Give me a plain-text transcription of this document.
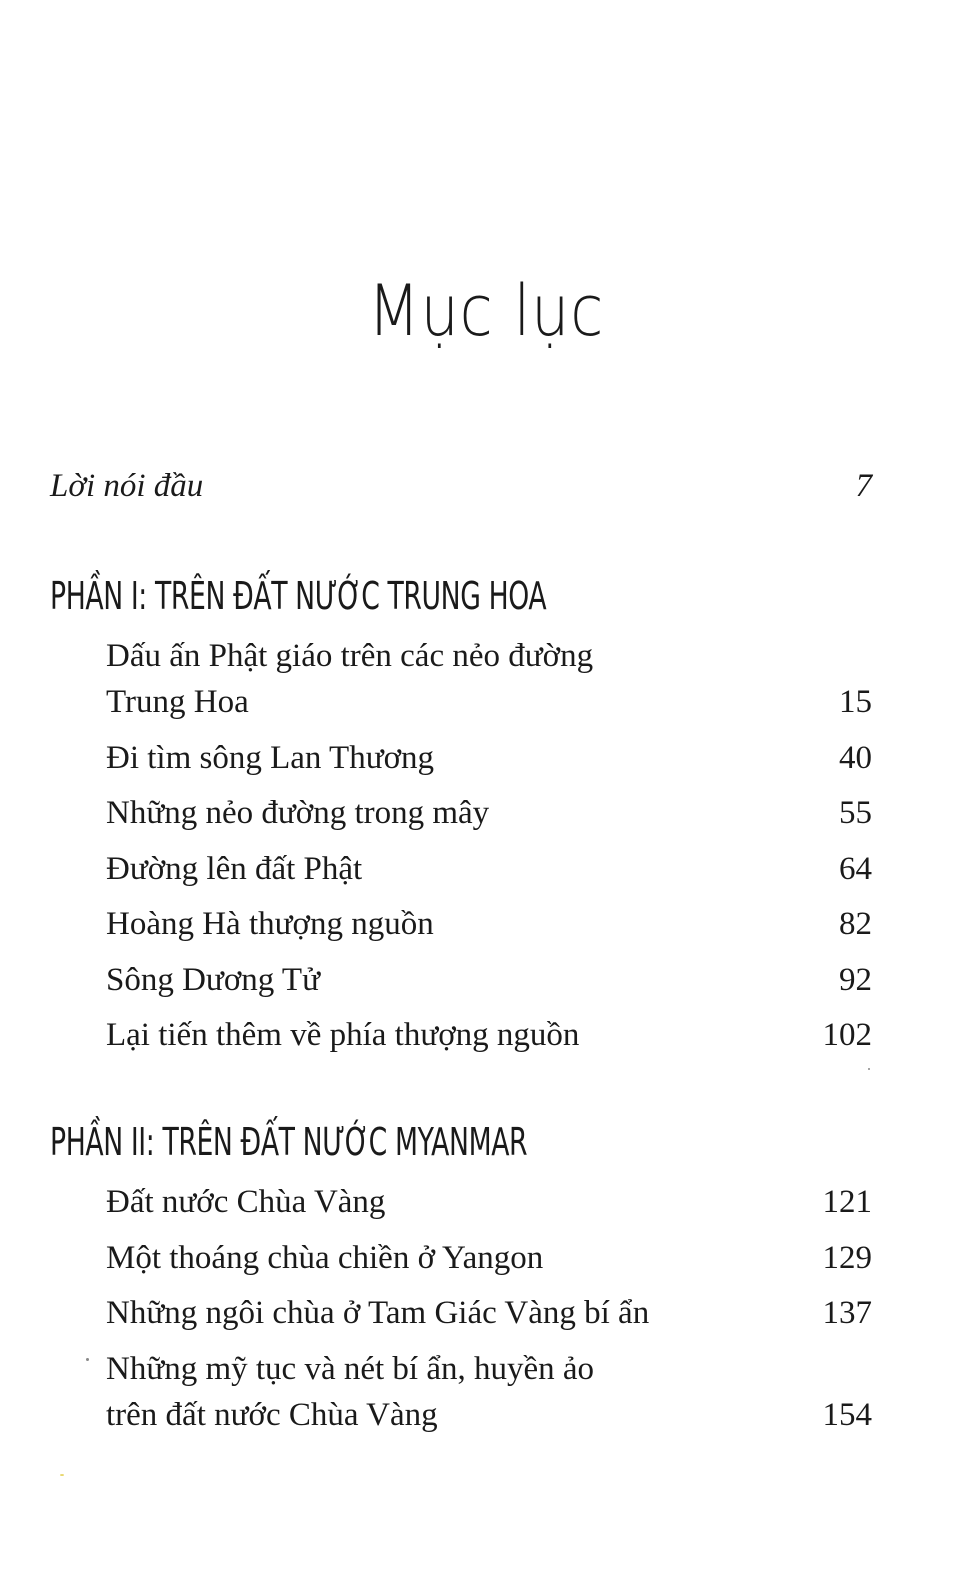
Mục lục
Lời nói đầu	7
PHẦN I: TRÊN ĐẤT NƯỚC TRUNG HOA
Dấu ấn Phật giáo trên các nẻo đường
Trung Hoa	15
Đi tìm sông Lan Thương	40
Những nẻo đường trong mây	55
Đường lên đất Phật	64
Hoàng Hà thượng nguồn	82
Sông Dương Tử	92
Lại tiến thêm về phía thượng nguồn	102
PHẦN II: TRÊN ĐẤT NƯỚC MYANMAR
Đất nước Chùa Vàng	121
Một thoáng chùa chiền ở Yangon	129
Những ngôi chùa ở Tam Giác Vàng bí ẩn	137
Những mỹ tục và nét bí ẩn, huyền ảo
trên đất nước Chùa Vàng	154
